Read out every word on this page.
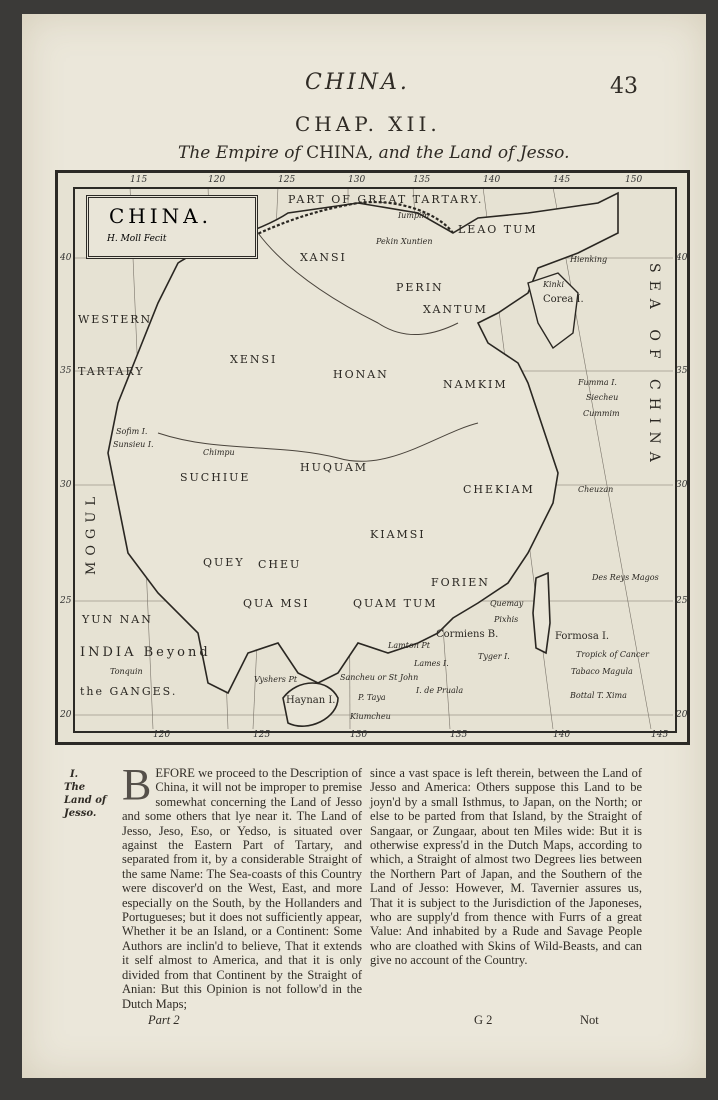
CHINA.	43
CHAP. XII.
The Empire of CHINA, and the Land of Jesso.
CHINA.
H. Moll Fecit
MOGUL
SEA OF CHINA
115	120	125	130	135	140	145	150
120	125	130	135	140	145
40	40
35	35
30	30
25	25
20	20
PART OF GREAT TARTARY.
LEAO TUM
XANSI
Pekin Xuntien
PERIN
XANTUM
Corea I.
WESTERN
TARTARY
XENSI
HONAN
NAMKIM
HUQUAM
CHEKIAM
SUCHIUE
KIAMSI
QUEY CHEU
FORIEN
YUN NAN
QUA MSI	QUAM TUM
INDIA Beyond
Tonquin
the GANGES.
Formosa I.
Tropick of Cancer
Tabaco Magula
Bottal T. Xima
Des Reys Magos
Haynan I.
I. de Pruala
Tyger I.
Lamton Pt
Sofim I.
Sunsieu I.
Chimpu
Cheuzan
Fumma I.
Siecheu
Cummim
Quemay
Pixhis
Cormiens B.
Sancheu or St John
Vyshers Pt
P. Taya
Kiumcheu
Lames I.
Iumpim
Kinki
Hienking
I.
The
Land of
Jesso.
B EFORE we proceed to the Description of China, it will not be improper to premise somewhat concerning the Land of Jesso and some others that lye near it. The Land of Jesso, Jeso, Eso, or Yedso, is situated over against the Eastern Part of Tartary, and separated from it, by a considerable Straight of the same Name: The Sea-coasts of this Country were discover'd on the West, East, and more especially on the South, by the Hollanders and Portugueses; but it does not sufficiently appear, Whether it be an Island, or a Continent: Some Authors are inclin'd to believe, That it extends it self almost to America, and that it is only divided from that Continent by the Straight of Anian: But this Opinion is not follow'd in the Dutch Maps;
since a vast space is left therein, between the Land of Jesso and America: Others suppose this Land to be joyn'd by a small Isthmus, to Japan, on the North; or else to be parted from that Island, by the Straight of Sangaar, or Zungaar, about ten Miles wide: But it is otherwise express'd in the Dutch Maps, according to which, a Straight of almost two Degrees lies between the Northern Part of Japan, and the Southern of the Land of Jesso: However, M. Tavernier assures us, That it is subject to the Jurisdiction of the Japoneses, who are supply'd from thence with Furrs of a great Value: And inhabited by a Rude and Savage People who are cloathed with Skins of Wild-Beasts, and can give no account of the Country.
Part 2	G 2	Not
